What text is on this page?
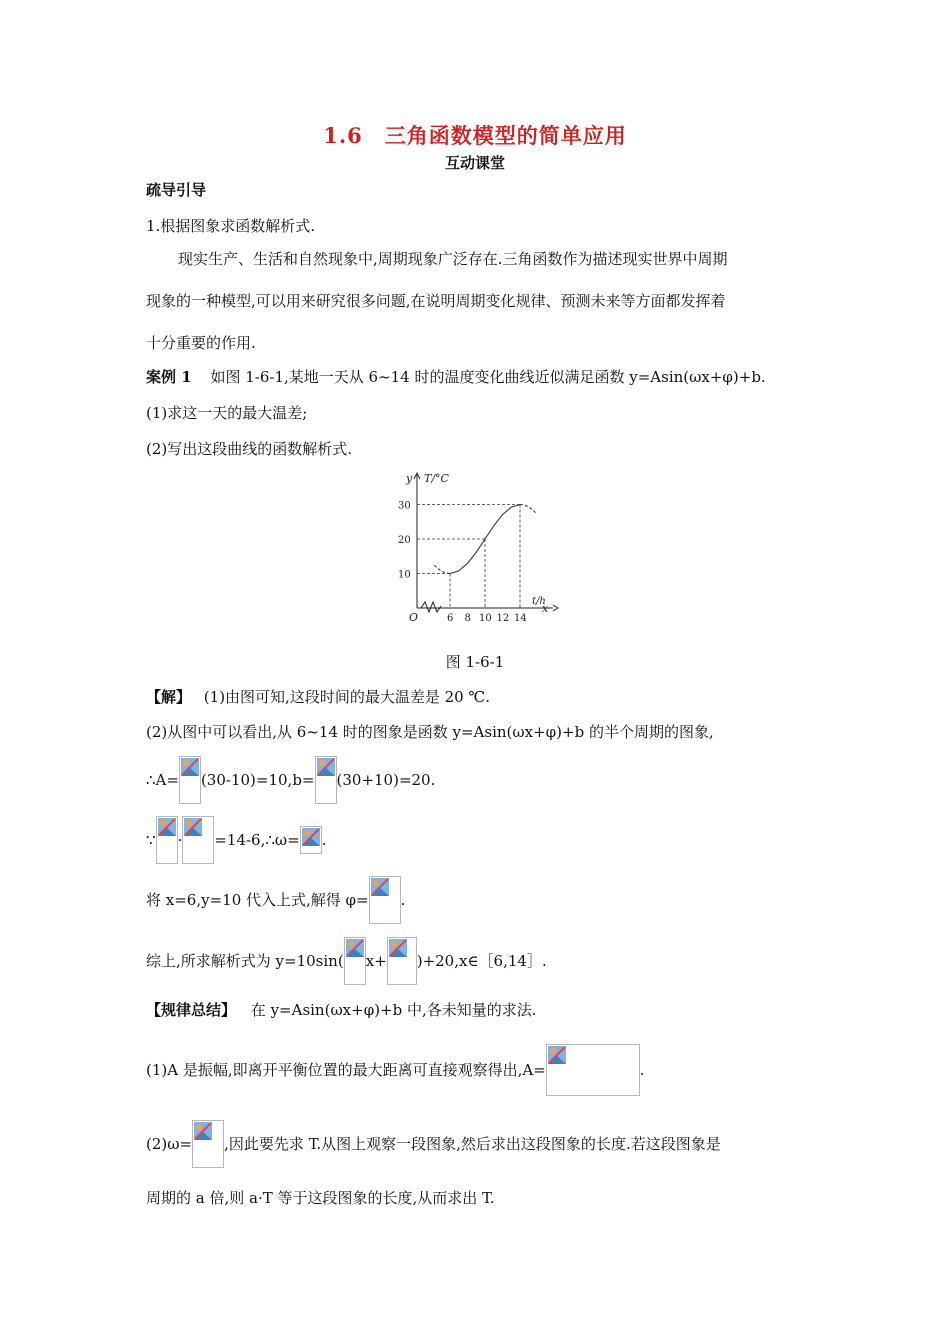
1.6　三角函数模型的简单应用
互动课堂
疏导引导
1.根据图象求函数解析式.
现实生产、生活和自然现象中,周期现象广泛存在.三角函数作为描述现实世界中周期
现象的一种模型,可以用来研究很多问题,在说明周期变化规律、预测未来等方面都发挥着
十分重要的作用.
案例 1 如图 1-6-1,某地一天从 6~14 时的温度变化曲线近似满足函数 y=Asin(ωx+φ)+b.
(1)求这一天的最大温差;
(2)写出这段曲线的函数解析式.
O
y T/°C
t/h
x
10
20
30
6 8 10 12 14
图 1-6-1
【解】 (1)由图可知,这段时间的最大温差是 20 ℃.
(2)从图中可以看出,从 6~14 时的图象是函数 y=Asin(ωx+φ)+b 的半个周期的图象,
∴A= (30-10)=10,b= (30+10)=20.
∵ · =14-6,∴ω= .
将 x=6,y=10 代入上式,解得 φ= .
综上,所求解析式为 y=10sin( x+ )+20,x∈［6,14］.
【规律总结】 在 y=Asin(ωx+φ)+b 中,各未知量的求法.
(1)A 是振幅,即离开平衡位置的最大距离可直接观察得出,A=	.
(2)ω= ,因此要先求 T.从图上观察一段图象,然后求出这段图象的长度.若这段图象是
周期的 a 倍,则 a·T 等于这段图象的长度,从而求出 T.
